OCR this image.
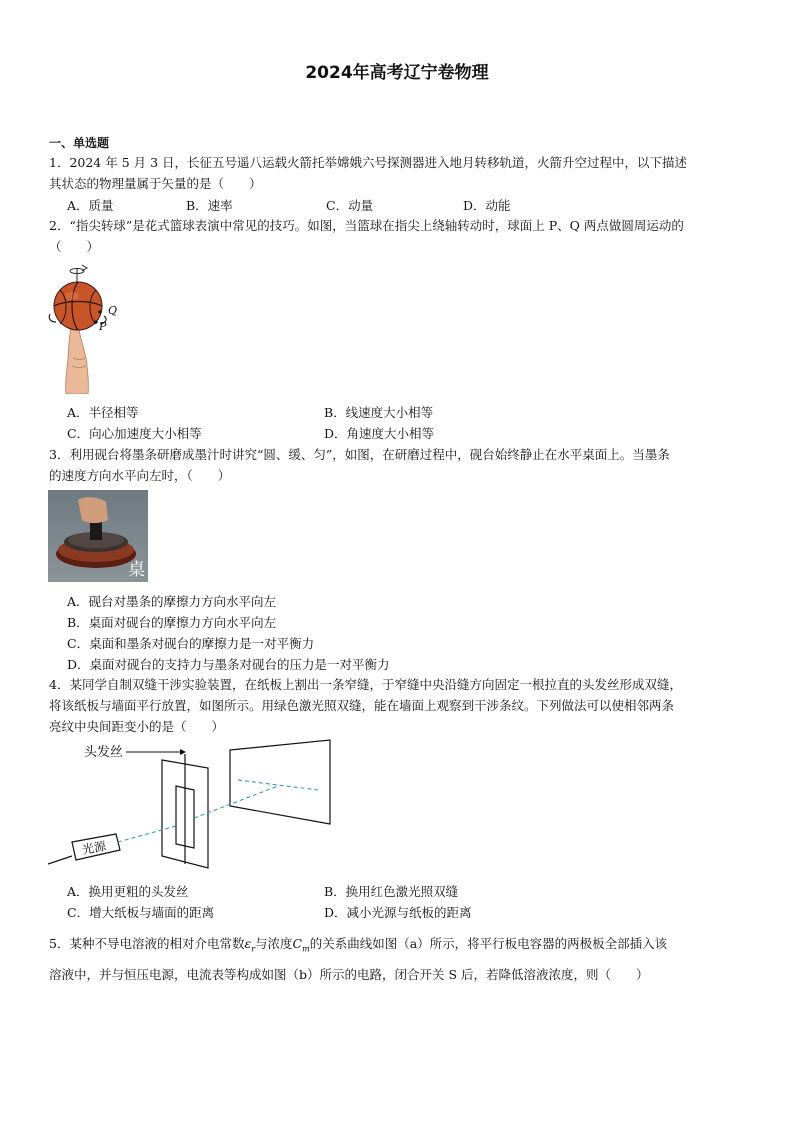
2024年高考辽宁卷物理
一、单选题
1．2024 年 5 月 3 日，长征五号遥八运载火箭托举嫦娥六号探测器进入地月转移轨道，火箭升空过程中，以下描述
其状态的物理量属于矢量的是（　　）
A．质量	B．速率	C．动量	D．动能
2．“指尖转球”是花式篮球表演中常见的技巧。如图，当篮球在指尖上绕轴转动时，球面上 P、Q 两点做圆周运动的
（　　）
Q
P
A．半径相等	B．线速度大小相等
C．向心加速度大小相等	D．角速度大小相等
3．利用砚台将墨条研磨成墨汁时讲究“圆、缓、匀”，如图，在研磨过程中，砚台始终静止在水平桌面上。当墨条
的速度方向水平向左时，（　　）
桌
A．砚台对墨条的摩擦力方向水平向左
B．桌面对砚台的摩擦力方向水平向左
C．桌面和墨条对砚台的摩擦力是一对平衡力
D．桌面对砚台的支持力与墨条对砚台的压力是一对平衡力
4．某同学自制双缝干涉实验装置，在纸板上割出一条窄缝，于窄缝中央沿缝方向固定一根拉直的头发丝形成双缝，
将该纸板与墙面平行放置，如图所示。用绿色激光照双缝，能在墙面上观察到干涉条纹。下列做法可以使相邻两条
亮纹中央间距变小的是（　　）
头发丝
光源
A．换用更粗的头发丝	B．换用红色激光照双缝
C．增大纸板与墙面的距离	D．减小光源与纸板的距离
5．某种不导电溶液的相对介电常数$\varepsilon_r$与浓度$C_m$的关系曲线如图（a）所示，将平行板电容器的两极板全部插入该
溶液中，并与恒压电源，电流表等构成如图（b）所示的电路，闭合开关 S 后，若降低溶液浓度，则（　　）
